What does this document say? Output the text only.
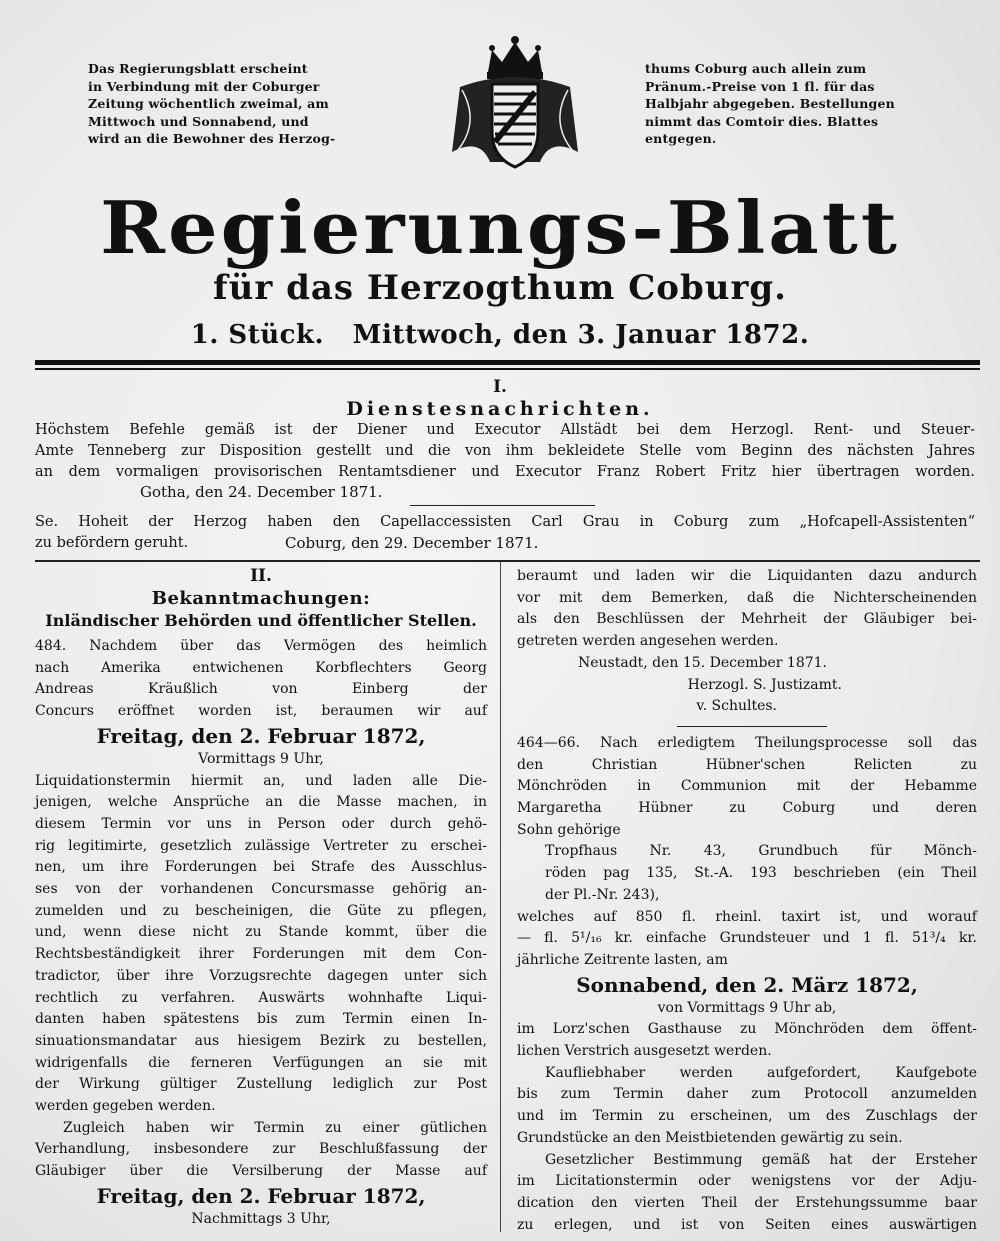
Das Regierungsblatt erscheint
in Verbindung mit der Coburger
Zeitung wöchentlich zweimal, am
Mittwoch und Sonnabend, und
wird an die Bewohner des Herzog-
thums Coburg auch allein zum
Pränum.-Preise von 1 fl. für das
Halbjahr abgegeben. Bestellungen
nimmt das Comtoir dies. Blattes
entgegen.
Regierungs-Blatt
für das Herzogthum Coburg.
1. Stück.   Mittwoch, den 3. Januar 1872.
I.
Dienstesnachrichten.
Höchstem Befehle gemäß ist der Diener und Executor Allstädt bei dem Herzogl. Rent- und Steuer-
Amte Tenneberg zur Disposition gestellt und die von ihm bekleidete Stelle vom Beginn des nächsten Jahres
an dem vormaligen provisorischen Rentamtsdiener und Executor Franz Robert Fritz hier übertragen worden.
Gotha, den 24. December 1871.
Se. Hoheit der Herzog haben den Capellaccessisten Carl Grau in Coburg zum „Hofcapell-Assistenten“
zu befördern geruht.	Coburg, den 29. December 1871.
II.
Bekanntmachungen:
Inländischer Behörden und öffentlicher Stellen.
484. Nachdem über das Vermögen des heimlich
nach Amerika entwichenen Korbflechters Georg
Andreas Kräußlich von Einberg der
Concurs eröffnet worden ist, beraumen wir auf
Freitag, den 2. Februar 1872,
Vormittags 9 Uhr,
Liquidationstermin hiermit an, und laden alle Die-
jenigen, welche Ansprüche an die Masse machen, in
diesem Termin vor uns in Person oder durch gehö-
rig legitimirte, gesetzlich zulässige Vertreter zu erschei-
nen, um ihre Forderungen bei Strafe des Ausschlus-
ses von der vorhandenen Concursmasse gehörig an-
zumelden und zu bescheinigen, die Güte zu pflegen,
und, wenn diese nicht zu Stande kommt, über die
Rechtsbeständigkeit ihrer Forderungen mit dem Con-
tradictor, über ihre Vorzugsrechte dagegen unter sich
rechtlich zu verfahren. Auswärts wohnhafte Liqui-
danten haben spätestens bis zum Termin einen In-
sinuationsmandatar aus hiesigem Bezirk zu bestellen,
widrigenfalls die ferneren Verfügungen an sie mit
der Wirkung gültiger Zustellung lediglich zur Post
werden gegeben werden.
Zugleich haben wir Termin zu einer gütlichen
Verhandlung, insbesondere zur Beschlußfassung der
Gläubiger über die Versilberung der Masse auf
Freitag, den 2. Februar 1872,
Nachmittags 3 Uhr,
beraumt und laden wir die Liquidanten dazu andurch
vor mit dem Bemerken, daß die Nichterscheinenden
als den Beschlüssen der Mehrheit der Gläubiger bei-
getreten werden angesehen werden.
Neustadt, den 15. December 1871.
Herzogl. S. Justizamt.
v. Schultes.
464—66. Nach erledigtem Theilungsprocesse soll das
den Christian Hübner'schen Relicten zu
Mönchröden in Communion mit der Hebamme
Margaretha Hübner zu Coburg und deren
Sohn gehörige
Tropfhaus Nr. 43, Grundbuch für Mönch-
röden pag 135, St.-A. 193 beschrieben (ein Theil
der Pl.-Nr. 243),
welches auf 850 fl. rheinl. taxirt ist, und worauf
— fl. 5¹/₁₆ kr. einfache Grundsteuer und 1 fl. 51³/₄ kr.
jährliche Zeitrente lasten, am
Sonnabend, den 2. März 1872,
von Vormittags 9 Uhr ab,
im Lorz'schen Gasthause zu Mönchröden dem öffent-
lichen Verstrich ausgesetzt werden.
Kaufliebhaber werden aufgefordert, Kaufgebote
bis zum Termin daher zum Protocoll anzumelden
und im Termin zu erscheinen, um des Zuschlags der
Grundstücke an den Meistbietenden gewärtig zu sein.
Gesetzlicher Bestimmung gemäß hat der Ersteher
im Licitationstermin oder wenigstens vor der Adju-
dication den vierten Theil der Erstehungssumme baar
zu erlegen, und ist von Seiten eines auswärtigen
